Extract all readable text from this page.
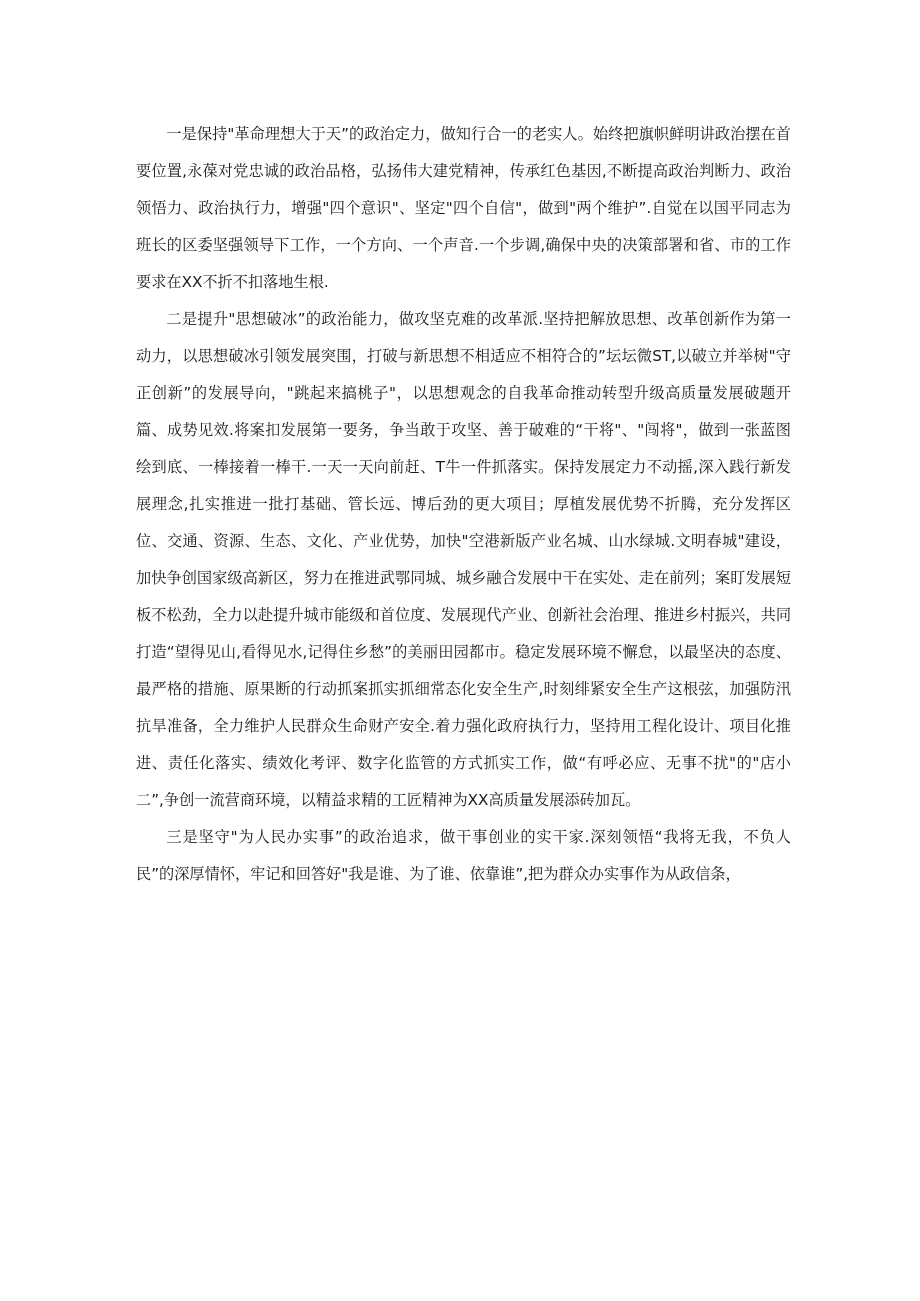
一是保持"革命理想大于天”的政治定力，做知行合一的老实人。始终把旗帜鲜明讲政治摆在首要位置,永葆对党忠诚的政治品格，弘扬伟大建党精神，传承红色基因,不断提高政治判断力、政治领悟力、政治执行力，增强"四个意识"、坚定"四个自信"，做到"两个维护”.自觉在以国平同志为班长的区委坚强领导下工作，一个方向、一个声音.一个步调,确保中央的决策部署和省、市的工作要求在XX不折不扣落地生根.

二是提升"思想破冰”的政治能力，做攻坚克难的改革派.坚持把解放思想、改革创新作为第一动力，以思想破冰引领发展突围，打破与新思想不相适应不相符合的”坛坛微ST,以破立并举树"守正创新”的发展导向，"跳起来搞桃子"，以思想观念的自我革命推动转型升级高质量发展破题开篇、成势见效.将案扣发展第一要务，争当敢于攻坚、善于破难的“干将"、"闯将"，做到一张蓝图绘到底、一棒接着一棒干.一天一天向前赶、T牛一件抓落实。保持发展定力不动摇,深入践行新发展理念,扎实推进一批打基础、管长远、博后劲的更大项目；厚植发展优势不折腾，充分发挥区位、交通、资源、生态、文化、产业优势，加快"空港新版产业名城、山水绿城.文明春城"建设，加快争创国家级高新区，努力在推进武鄂同城、城乡融合发展中干在实处、走在前列；案盯发展短板不松劲，全力以赴提升城市能级和首位度、发展现代产业、创新社会治理、推进乡村振兴，共同打造“望得见山,看得见水,记得住乡愁”的美丽田园都市。稳定发展环境不懈怠，以最坚决的态度、最严格的措施、原果断的行动抓案抓实抓细常态化安全生产,时刻绯紧安全生产这根弦，加强防汛抗旱准备，全力维护人民群众生命财产安全.着力强化政府执行力，坚持用工程化设计、项目化推进、责任化落实、绩效化考评、数字化监管的方式抓实工作，做“有呼必应、无事不扰"的"店小二”,争创一流营商环境，以精益求精的工匠精神为XX高质量发展添砖加瓦。

三是坚守"为人民办实事”的政治追求，做干事创业的实干家.深刻领悟“我将无我，不负人民”的深厚情怀，牢记和回答好"我是谁、为了谁、依靠谁”,把为群众办实事作为从政信条，
